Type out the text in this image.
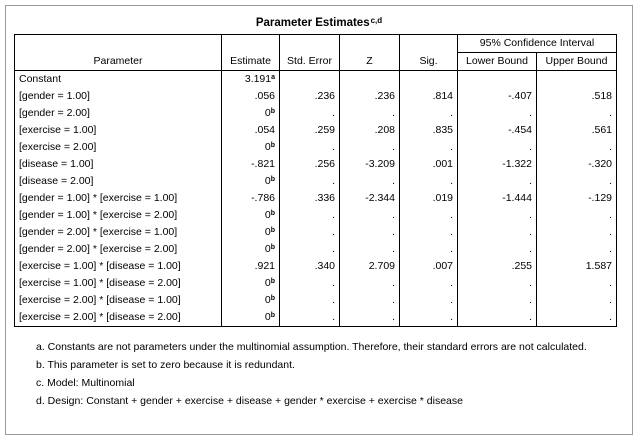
Parameter Estimates$^{c,d}$
Parameter	Estimate	Std. Error	Z	Sig.	95% Confidence Interval	
					Lower Bound	Upper Bound
Constant	3.191$^a$					
[gender = 1.00]	.056	.236	.236	.814	-.407	.518
[gender = 2.00]	0$^b$	.	.	.	.	.
[exercise = 1.00]	.054	.259	.208	.835	-.454	.561
[exercise = 2.00]	0$^b$	.	.	.	.	.
[disease = 1.00]	-.821	.256	-3.209	.001	-1.322	-.320
[disease = 2.00]	0$^b$	.	.	.	.	.
[gender = 1.00] * [exercise = 1.00]	-.786	.336	-2.344	.019	-1.444	-.129
[gender = 1.00] * [exercise = 2.00]	0$^b$	.	.	.	.	.
[gender = 2.00] * [exercise = 1.00]	0$^b$	.	.	.	.	.
[gender = 2.00] * [exercise = 2.00]	0$^b$	.	.	.	.	.
[exercise = 1.00] * [disease = 1.00]	.921	.340	2.709	.007	.255	1.587
[exercise = 1.00] * [disease = 2.00]	0$^b$	.	.	.	.	.
[exercise = 2.00] * [disease = 1.00]	0$^b$	.	.	.	.	.
[exercise = 2.00] * [disease = 2.00]	0$^b$	.	.	.	.	.
a. Constants are not parameters under the multinomial assumption. Therefore, their standard errors are not calculated.
b. This parameter is set to zero because it is redundant.
c. Model: Multinomial
d. Design: Constant + gender + exercise + disease + gender * exercise + exercise * disease
